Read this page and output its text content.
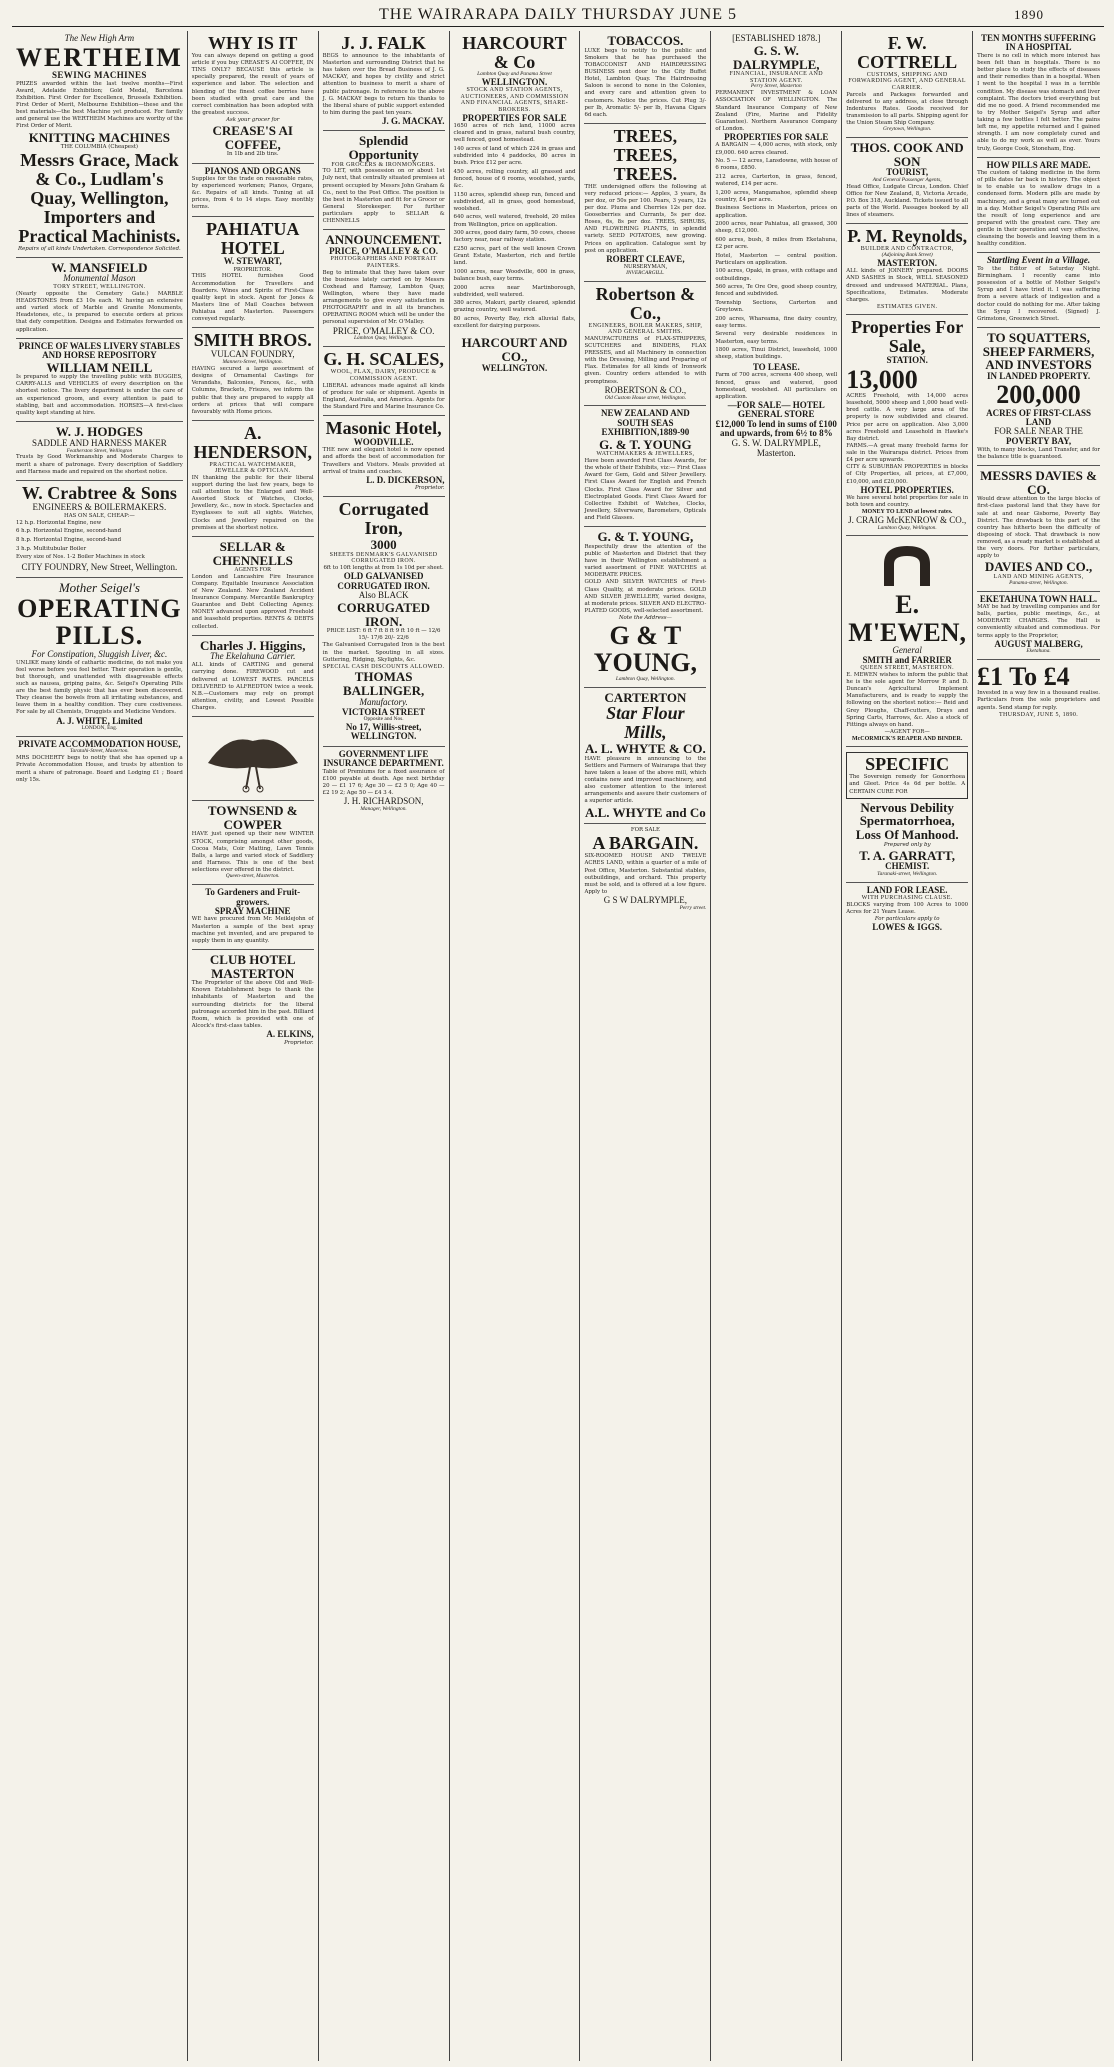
THE WAIRARAPA DAILY THURSDAY JUNE 5	1890
The New High Arm
WERTHEIM
SEWING MACHINES
PRIZES awarded within the last twelve months—First Award, Adelaide Exhibition; Gold Medal, Barcelona Exhibition. First Order for Excellence, Brussels Exhibition. First Order of Merit, Melbourne Exhibition—these and the best materials—the best Machine yet produced. For family and general use the WERTHEIM Machines are worthy of the First Order of Merit.
KNITTING MACHINES
THE COLUMBIA (Cheapest)
Messrs Grace, Mack & Co., Ludlam's Quay, Wellington, Importers and Practical Machinists.
Repairs of all kinds Undertaken. Correspondence Solicited.
W. MANSFIELD
Monumental Mason
TORY STREET, WELLINGTON.
(Nearly opposite the Cemetery Gate.) MARBLE HEADSTONES from £3 10s each. W. having an extensive and varied stock of Marble and Granite Monuments, Headstones, etc., is prepared to execute orders at prices that defy competition. Designs and Estimates forwarded on application.
PRINCE OF WALES LIVERY STABLES AND HORSE REPOSITORY
WILLIAM NEILL
Is prepared to supply the travelling public with BUGGIES, CARRY-ALLS and VEHICLES of every description on the shortest notice. The livery department is under the care of an experienced groom, and every attention is paid to stabling, bait and accommodation. HORSES—A first-class quality kept standing at hire.
W. J. HODGES
SADDLE AND HARNESS MAKER
Featherston Street, Wellington
Trusts by Good Workmanship and Moderate Charges to merit a share of patronage. Every description of Saddlery and Harness made and repaired on the shortest notice.
W. Crabtree & Sons
ENGINEERS & BOILERMAKERS.
HAS ON SALE, CHEAP:—
12 h.p. Horizontal Engine, new
6 h.p. Horizontal Engine, second-hand
8 h.p. Horizontal Engine, second-hand
3 h.p. Multitubular Boiler
Every size of Nos. 1-2 Boiler Machines in stock
CITY FOUNDRY, New Street, Wellington.
Mother Seigel's
OPERATING PILLS.
For Constipation, Sluggish Liver, &c.
UNLIKE many kinds of cathartic medicine, do not make you feel worse before you feel better. Their operation is gentle, but thorough, and unattended with disagreeable effects such as nausea, griping pains, &c. Seigel's Operating Pills are the best family physic that has ever been discovered. They cleanse the bowels from all irritating substances, and leave them in a healthy condition. They cure costiveness. For sale by all Chemists, Druggists and Medicine Vendors.
A. J. WHITE, Limited
LONDON, Eng.
PRIVATE ACCOMMODATION HOUSE,
Taratahi-Street, Masterton.
MRS DOCHERTY begs to notify that she has opened up a Private Accommodation House, and trusts by attention to merit a share of patronage. Board and Lodging £1 ; Board only 15s.
WHY IS IT
You can always depend on getting a good article if you buy CREASE'S AI COFFEE, IN TINS ONLY? BECAUSE this article is specially prepared, the result of years of experience and labor. The selection and blending of the finest coffee berries have been studied with great care and the correct combination has been adopted with the greatest success.
Ask your grocer for
CREASE'S AI COFFEE,
In 1lb and 2lb tins.
PIANOS AND ORGANS
Supplies for the trade on reasonable rates, by experienced workmen; Pianos, Organs, &c. Repairs of all kinds. Tuning at all prices, from 4 to 14 steps. Easy monthly terms.
PAHIATUA HOTEL
W. STEWART,
PROPRIETOR.
THIS HOTEL furnishes Good Accommodation for Travellers and Boarders. Wines and Spirits of First-Class quality kept in stock. Agent for Jones & Masters line of Mail Coaches between Pahiatua and Masterton. Passengers conveyed regularly.
SMITH BROS.
VULCAN FOUNDRY,
Manners-Street, Wellington.
HAVING secured a large assortment of designs of Ornamental Castings for Verandahs, Balconies, Fences, &c., with Columns, Brackets, Friezes, we inform the public that they are prepared to supply all orders at prices that will compare favourably with Home prices.
A. HENDERSON,
PRACTICAL WATCHMAKER, JEWELLER & OPTICIAN.
IN thanking the public for their liberal support during the last few years, begs to call attention to the Enlarged and Well-Assorted Stock of Watches, Clocks, Jewellery, &c., now in stock. Spectacles and Eyeglasses to suit all sights. Watches, Clocks and Jewellery repaired on the premises at the shortest notice.
SELLAR & CHENNELLS
AGENTS FOR
London and Lancashire Fire Insurance Company. Equitable Insurance Association of New Zealand. New Zealand Accident Insurance Company. Mercantile Bankruptcy Guarantee and Debt Collecting Agency. MONEY advanced upon approved Freehold and leasehold properties. RENTS & DEBTS collected.
Charles J. Higgins,
The Ekelahuna Carrier.
ALL kinds of CARTING and general carrying done. FIREWOOD cut and delivered at LOWEST RATES. PARCELS DELIVERED to ALFREDTON twice a week. N.B.—Customers may rely on prompt attention, civility, and Lowest Possible Charges.
TOWNSEND & COWPER
HAVE just opened up their new WINTER STOCK, comprising amongst other goods, Cocoa Mats, Coir Matting, Lawn Tennis Balls, a large and varied stock of Saddlery and Harness. This is one of the best selections ever offered in the district.
Queen-street, Masterton.
To Gardeners and Fruit-growers.
SPRAY MACHINE
WE have procured from Mr. Meiklejohn of Masterton a sample of the best spray machine yet invented, and are prepared to supply them in any quantity.
CLUB HOTEL MASTERTON
The Proprietor of the above Old and Well-Known Establishment begs to thank the inhabitants of Masterton and the surrounding districts for the liberal patronage accorded him in the past. Billiard Room, which is provided with one of Alcock's first-class tables.
A. ELKINS,
Proprietor.
J. J. FALK
BEGS to announce to the inhabitants of Masterton and surrounding District that he has taken over the Bread Business of J. G. MACKAY, and hopes by civility and strict attention to business to merit a share of public patronage. In reference to the above J. G. MACKAY begs to return his thanks to the liberal share of public support extended to him during the past ten years.
J. G. MACKAY.
Splendid Opportunity
FOR GROCERS & IRONMONGERS.
TO LET, with possession on or about 1st July next, that centrally situated premises at present occupied by Messrs John Graham & Co., next to the Post Office. The position is the best in Masterton and fit for a Grocer or General Storekeeper. For further particulars apply to SELLAR & CHENNELLS
ANNOUNCEMENT.
PRICE, O'MALLEY & CO.
PHOTOGRAPHERS AND PORTRAIT PAINTERS.
Beg to intimate that they have taken over the business lately carried on by Messrs Coxhead and Ramsay, Lambton Quay, Wellington, where they have made arrangements to give every satisfaction in PHOTOGRAPHY and in all its branches. OPERATING ROOM which will be under the personal supervision of Mr. O'Malley.
PRICE, O'MALLEY & CO.
Lambton Quay, Wellington.
G. H. SCALES,
WOOL, FLAX, DAIRY, PRODUCE & COMMISSION AGENT.
LIBERAL advances made against all kinds of produce for sale or shipment. Agents in England, Australia, and America. Agents for the Standard Fire and Marine Insurance Co.
Masonic Hotel,
WOODVILLE.
THE new and elegant hotel is now opened and affords the best of accommodation for Travellers and Visitors. Meals provided at arrival of trains and coaches.
L. D. DICKERSON,
Proprietor.
Corrugated Iron,
3000
SHEETS DENMARK'S GALVANISED CORRUGATED IRON.
6ft to 10ft lengths at from 1s 10d per sheet.
OLD GALVANISED CORRUGATED IRON.
Also BLACK
CORRUGATED IRON.
PRICE LIST: 6 ft 7 ft 8 ft 9 ft 10 ft — 12/6 15/- 17/6 20/- 22/6
The Galvanised Corrugated Iron is the best in the market. Spouting in all sizes. Guttering, Ridging, Skylights, &c.
SPECIAL CASH DISCOUNTS ALLOWED.
THOMAS BALLINGER,
Manufactory.
VICTORIA STREET
Opposite and Nos.
No 17, Willis-street,
WELLINGTON.
GOVERNMENT LIFE INSURANCE DEPARTMENT.
Table of Premiums for a fixed assurance of £100 payable at death. Age next birthday 20 — £1 17 6; Age 30 — £2 5 0; Age 40 — £2 19 2; Age 50 — £4 3 4.
J. H. RICHARDSON,
Manager, Wellington.
HARCOURT & Co
Lambton Quay and Panama Street
WELLINGTON.
STOCK AND STATION AGENTS, AUCTIONEERS, AND COMMISSION AND FINANCIAL AGENTS, SHARE-BROKERS.
PROPERTIES FOR SALE
1650 acres of rich land, 11000 acres cleared and in grass, natural bush country, well fenced, good homestead.
140 acres of land of which 224 in grass and subdivided into 4 paddocks, 80 acres in bush. Price £12 per acre.
450 acres, rolling country, all grassed and fenced, house of 6 rooms, woolshed, yards, &c.
1150 acres, splendid sheep run, fenced and subdivided, all in grass, good homestead, woolshed.
640 acres, well watered, freehold, 20 miles from Wellington, price on application.
300 acres, good dairy farm, 50 cows, cheese factory near, near railway station.
£250 acres, part of the well known Crown Grant Estate, Masterton, rich and fertile land.
1000 acres, near Woodville, 600 in grass, balance bush, easy terms.
2000 acres near Martinborough, subdivided, well watered.
380 acres, Makuri, partly cleared, splendid grazing country, well watered.
80 acres, Poverty Bay, rich alluvial flats, excellent for dairying purposes.
HARCOURT AND CO.,
WELLINGTON.
TOBACCOS.
LUXE begs to notify to the public and Smokers that he has purchased the TOBACCONIST AND HAIRDRESSING BUSINESS next door to the City Buffet Hotel, Lambton Quay. The Hairdressing Saloon is second to none in the Colonies, and every care and attention given to customers. Notice the prices. Cut Plug 3/- per lb, Aromatic 5/- per lb, Havana Cigars 6d each.
TREES, TREES, TREES.
THE undersigned offers the following at very reduced prices:— Apples, 3 years, 8s per doz, or 50s per 100. Pears, 3 years, 12s per doz. Plums and Cherries 12s per doz. Gooseberries and Currants, 5s per doz. Roses, 6s, 8s per doz. TREES, SHRUBS, AND FLOWERING PLANTS, in splendid variety. SEED POTATOES, new growing. Prices on application. Catalogue sent by post on application.
ROBERT CLEAVE,
NURSERYMAN,
INVERCARGILL.
Robertson & Co.,
ENGINEERS, BOILER MAKERS, SHIP, AND GENERAL SMITHS.
MANUFACTURERS of FLAX-STRIPPERS, SCUTCHERS and BINDERS, FLAX PRESSES, and all Machinery in connection with the Dressing, Milling and Preparing of Flax. Estimates for all kinds of Ironwork given. Country orders attended to with promptness.
ROBERTSON & CO.,
Old Custom House street, Wellington.
NEW ZEALAND AND SOUTH SEAS EXHIBITION,1889-90
G. & T. YOUNG
WATCHMAKERS & JEWELLERS,
Have been awarded First Class Awards, for the whole of their Exhibits, viz:— First Class Award for Gem, Gold and Silver Jewellery. First Class Award for English and French Clocks. First Class Award for Silver and Electroplated Goods. First Class Award for Collective Exhibit of Watches, Clocks, Jewellery, Silverware, Barometers, Opticals and Field Glasses.
G. & T. YOUNG,
Respectfully draw the attention of the public of Masterton and District that they have in their Wellington establishment a varied assortment of FINE WATCHES at MODERATE PRICES.
GOLD AND SILVER WATCHES of First-Class Quality, at moderate prices. GOLD AND SILVER JEWELLERY, varied designs, at moderate prices. SILVER AND ELECTRO-PLATED GOODS, well-selected assortment.
Note the Address—
G & T YOUNG,
Lambton Quay, Wellington.
CARTERTON
Star Flour Mills,
A. L. WHYTE & CO.
HAVE pleasure in announcing to the Settlers and Farmers of Wairarapa that they have taken a lease of the above mill, which contains new and improved machinery, and also customer attention to the interest arrangements and assure their customers of a superior article.
A.L. WHYTE and Co
FOR SALE
A BARGAIN.
SIX-ROOMED HOUSE AND TWELVE ACRES LAND, within a quarter of a mile of Post Office, Masterton. Substantial stables, outbuildings, and orchard. This property must be sold, and is offered at a low figure. Apply to
G S W DALRYMPLE,
Perry street.
[ESTABLISHED 1878.]
G. S. W. DALRYMPLE,
FINANCIAL, INSURANCE AND STATION AGENT.
Perry Street, Masterton
PERMANENT INVESTMENT & LOAN ASSOCIATION OF WELLINGTON. The Standard Insurance Company of New Zealand (Fire, Marine and Fidelity Guarantee). Northern Assurance Company of London.
PROPERTIES FOR SALE
A BARGAIN — 4,000 acres, with stock, only £9,000. 640 acres cleared.
No. 5 — 12 acres, Lansdowne, with house of 6 rooms, £850.
212 acres, Carterton, in grass, fenced, watered, £14 per acre.
1,200 acres, Mangamahoe, splendid sheep country, £4 per acre.
Business Sections in Masterton, prices on application.
2000 acres, near Pahiatua, all grassed, 300 sheep, £12,000.
600 acres, bush, 8 miles from Eketahuna, £2 per acre.
Hotel, Masterton — central position. Particulars on application.
100 acres, Opaki, in grass, with cottage and outbuildings.
560 acres, Te Ore Ore, good sheep country, fenced and subdivided.
Township Sections, Carterton and Greytown.
200 acres, Whareama, fine dairy country, easy terms.
Several very desirable residences in Masterton, easy terms.
1800 acres, Tinui District, leasehold, 1000 sheep, station buildings.
TO LEASE.
Farm of 700 acres, screens 400 sheep, well fenced, grass and watered, good homestead, woolshed. All particulars on application.
—FOR SALE— HOTEL GENERAL STORE
£12,000 To lend in sums of £100 and upwards, from 6½ to 8%
G. S. W. DALRYMPLE, Masterton.
F. W. COTTRELL
CUSTOMS, SHIPPING AND FORWARDING AGENT, AND GENERAL CARRIER.
Parcels and Packages forwarded and delivered to any address, at close through Indentures Rates. Goods received for transmission to all parts. Shipping agent for the Union Steam Ship Company.
Greytown, Wellington.
THOS. COOK AND SON
TOURIST,
And General Passenger Agents,
Head Office, Ludgate Circus, London. Chief Office for New Zealand, 8, Victoria Arcade, P.O. Box 318, Auckland. Tickets issued to all parts of the World. Passages booked by all lines of steamers.
P. M. Reynolds,
BUILDER AND CONTRACTOR,
(Adjoining Bank Street)
MASTERTON.
ALL kinds of JOINERY prepared. DOORS AND SASHES in Stock, WELL SEASONED dressed and undressed MATERIAL. Plans, Specifications, Estimates. Moderate charges.
ESTIMATES GIVEN.
Properties For Sale,
STATION.
13,000
ACRES Freehold, with 14,000 acres leasehold, 5000 sheep and 1,000 head well-bred cattle. A very large area of the property is now subdivided and cleared. Price per acre on application. Also 3,000 acres Freehold and Leasehold in Hawke's Bay district.
FARMS.—A great many freehold farms for sale in the Wairarapa district. Prices from £4 per acre upwards.
CITY & SUBURBAN PROPERTIES in blocks of City Properties, all prices, at £7,000, £10,000, and £20,000.
HOTEL PROPERTIES.
We have several hotel properties for sale in both town and country.
MONEY TO LEND at lowest rates.
J. CRAIG McKENROW & CO.,
Lambton Quay, Wellington.
E. M'EWEN,
General
SMITH and FARRIER
QUEEN STREET, MASTERTON.
E. MEWEN wishes to inform the public that he is the sole agent for Morrow P. and D. Duncan's Agricultural Implement Manufacturers, and is ready to supply the following on the shortest notice:— Reid and Grey Ploughs, Chaff-cutters, Drays and Spring Carts, Harrows, &c. Also a stock of Fittings always on hand.
—AGENT FOR—
McCORMICK'S REAPER AND BINDER.
SPECIFIC
The Sovereign remedy for Gonorrhoea and Gleet. Price 4s 6d per bottle. A CERTAIN CURE FOR
Nervous Debility
Spermatorrhoea,
Loss Of Manhood.
Prepared only by
T. A. GARRATT,
CHEMIST.
Taranaki-street, Wellington.
LAND FOR LEASE.
WITH PURCHASING CLAUSE.
BLOCKS varying from 100 Acres to 1000 Acres for 21 Years Lease.
For particulars apply to
LOWES & IGGS.
TEN MONTHS SUFFERING IN A HOSPITAL
There is no cell in which more interest has been felt than in hospitals. There is no better place to study the effects of diseases and their remedies than in a hospital. When I went to the hospital I was in a terrible condition. My disease was stomach and liver complaint. The doctors tried everything but did me no good. A friend recommended me to try Mother Seigel's Syrup and after taking a few bottles I felt better. The pains left me, my appetite returned and I gained strength. I am now completely cured and able to do my work as well as ever. Yours truly, George Cook, Stoneham, Eng.
HOW PILLS ARE MADE.
The custom of taking medicine in the form of pills dates far back in history. The object is to enable us to swallow drugs in a condensed form. Modern pills are made by machinery, and a great many are turned out in a day. Mother Seigel's Operating Pills are the result of long experience and are prepared with the greatest care. They are gentle in their operation and very effective, cleansing the bowels and leaving them in a healthy condition.
Startling Event in a Village.
To the Editor of Saturday Night. Birmingham. I recently came into possession of a bottle of Mother Seigel's Syrup and I have tried it. I was suffering from a severe attack of indigestion and a doctor could do nothing for me. After taking the Syrup I recovered. (Signed) J. Grimstone, Greenwich Street.
TO SQUATTERS, SHEEP FARMERS, AND INVESTORS
IN LANDED PROPERTY.
200,000
ACRES OF FIRST-CLASS LAND
FOR SALE NEAR THE
POVERTY BAY,
With, to many blocks, Land Transfer, and for the balance title is guaranteed.
MESSRS DAVIES & CO.
Would draw attention to the large blocks of first-class pastoral land that they have for sale at and near Gisborne, Poverty Bay District. The drawback to this part of the country has hitherto been the difficulty of disposing of stock. That drawback is now removed, as a ready market is established at the very doors. For further particulars, apply to
DAVIES AND CO.,
LAND AND MINING AGENTS,
Panama-street, Wellington.
EKETAHUNA TOWN HALL.
MAY be had by travelling companies and for balls, parties, public meetings, &c., at MODERATE CHARGES. The Hall is conveniently situated and commodious. For terms apply to the Proprietor,
AUGUST MALBERG,
Eketahuna.
£1 To £4
Invested in a way few in a thousand realise. Particulars from the sole proprietors and agents. Send stamp for reply.
THURSDAY, JUNE 5, 1890.
